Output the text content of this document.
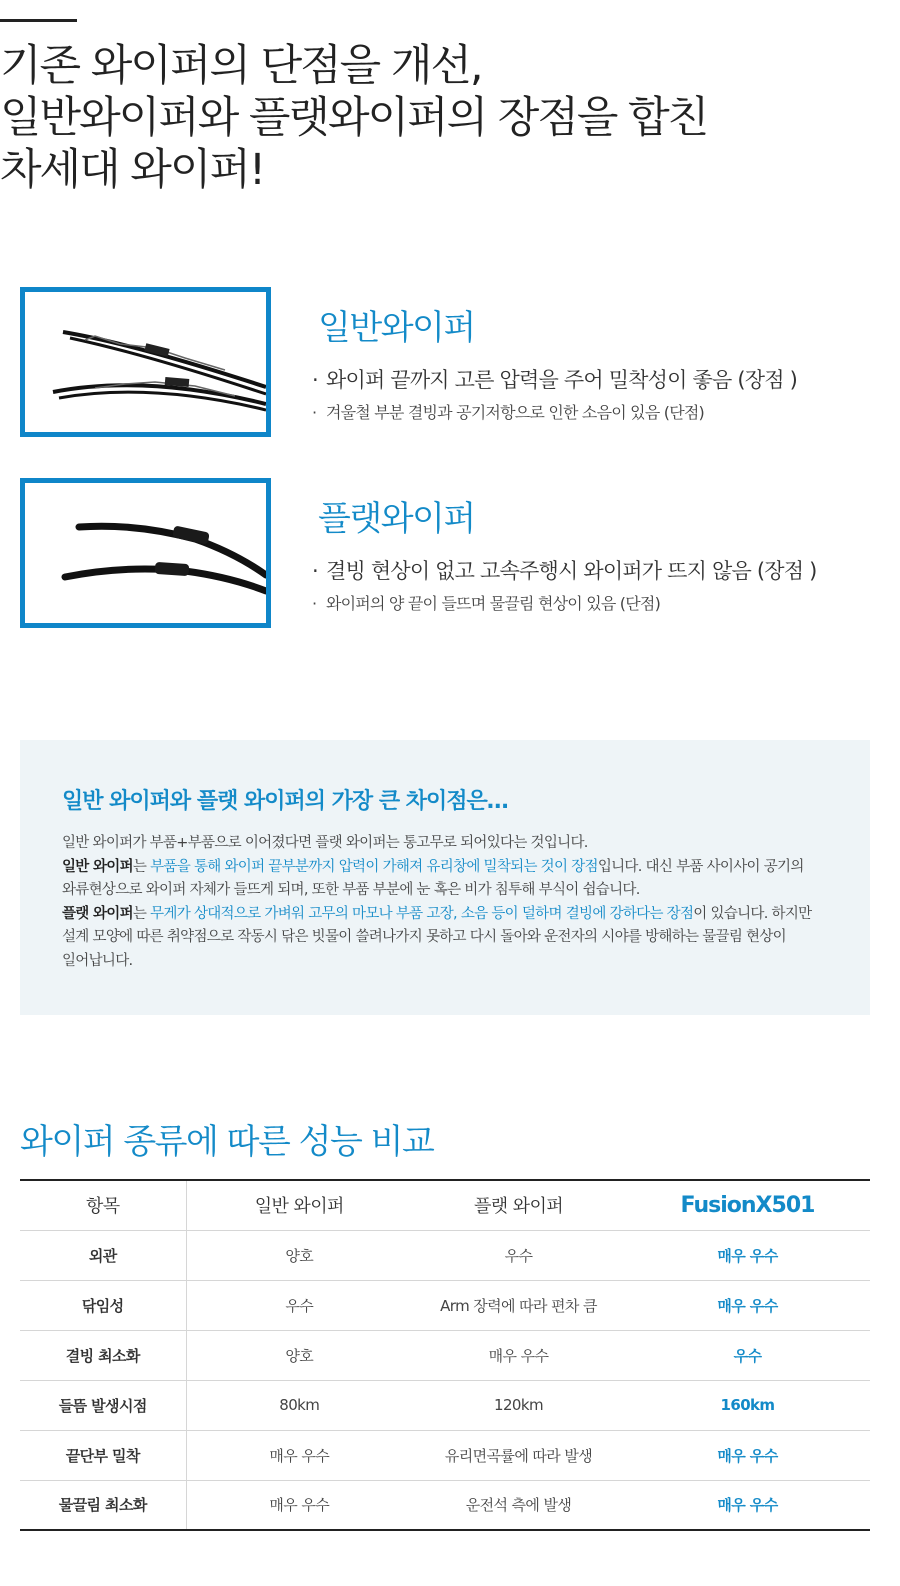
기존 와이퍼의 단점을 개선,
일반와이퍼와 플랫와이퍼의 장점을 합친
차세대 와이퍼!
일반와이퍼
· 와이퍼 끝까지 고른 압력을 주어 밀착성이 좋음 (장점 )
· 겨울철 부분 결빙과 공기저항으로 인한 소음이 있음 (단점)
플랫와이퍼
· 결빙 현상이 없고 고속주행시 와이퍼가 뜨지 않음 (장점 )
· 와이퍼의 양 끝이 들뜨며 물끌림 현상이 있음 (단점)
일반 와이퍼와 플랫 와이퍼의 가장 큰 차이점은…

일반 와이퍼가 부품+부품으로 이어졌다면 플랫 와이퍼는 통고무로 되어있다는 것입니다.

일반 와이퍼는 부품을 통해 와이퍼 끝부분까지 압력이 가해져 유리창에 밀착되는 것이 장점입니다. 대신 부품 사이사이 공기의

와류현상으로 와이퍼 자체가 들뜨게 되며, 또한 부품 부분에 눈 혹은 비가 침투해 부식이 쉽습니다.

플랫 와이퍼는 무게가 상대적으로 가벼워 고무의 마모나 부품 고장, 소음 등이 덜하며 결빙에 강하다는 장점이 있습니다. 하지만

설계 모양에 따른 취약점으로 작동시 닦은 빗물이 쓸려나가지 못하고 다시 돌아와 운전자의 시야를 방해하는 물끌림 현상이

일어납니다.

와이퍼 종류에 따른 성능 비교
항목	일반 와이퍼	플랫 와이퍼	FusionX501
외관	양호	우수	매우 우수
닦임성	우수	Arm 장력에 따라 편차 큼	매우 우수
결빙 최소화	양호	매우 우수	우수
들뜸 발생시점	80km	120km	160km
끝단부 밀착	매우 우수	유리면곡률에 따라 발생	매우 우수
물끌림 최소화	매우 우수	운전석 측에 발생	매우 우수
